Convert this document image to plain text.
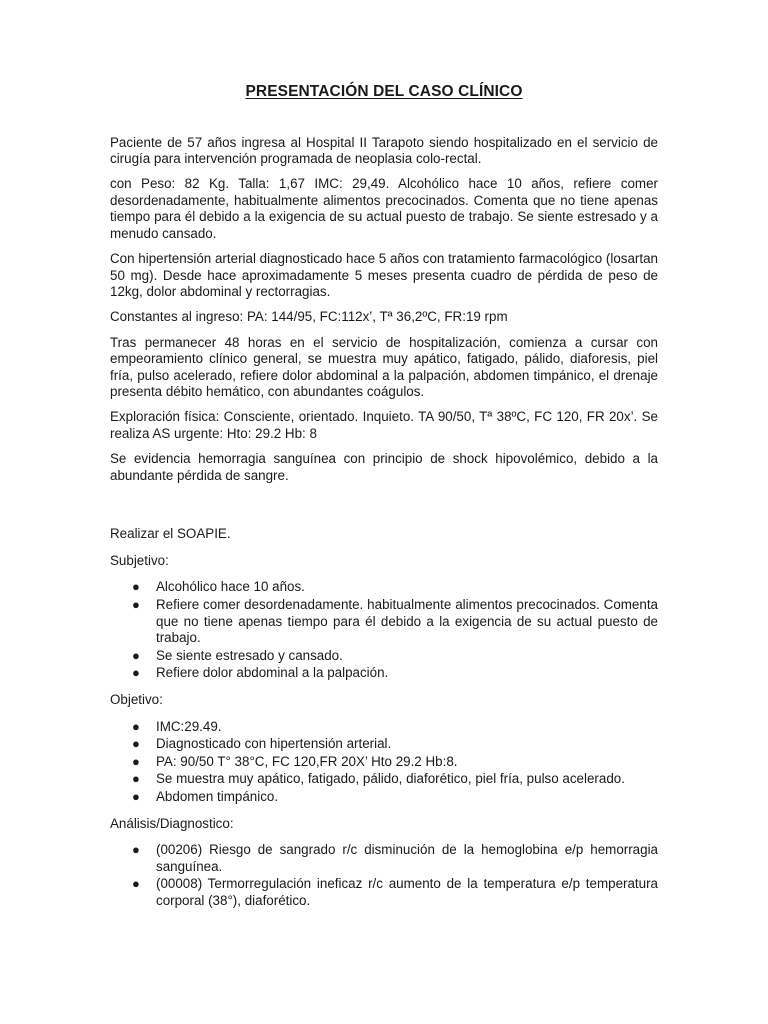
PRESENTACIÓN DEL CASO CLÍNICO

Paciente de 57 años ingresa al Hospital II Tarapoto siendo hospitalizado en el servicio de cirugía para intervención programada de neoplasia colo-rectal.

con Peso: 82 Kg. Talla: 1,67 IMC: 29,49. Alcohólico hace 10 años, refiere comer desordenadamente, habitualmente alimentos precocinados. Comenta que no tiene apenas tiempo para él debido a la exigencia de su actual puesto de trabajo. Se siente estresado y a menudo cansado.

Con hipertensión arterial diagnosticado hace 5 años con tratamiento farmacológico (losartan 50 mg). Desde hace aproximadamente 5 meses presenta cuadro de pérdida de peso de 12kg, dolor abdominal y rectorragias.

Constantes al ingreso: PA: 144/95, FC:112x’, Tª 36,2ºC, FR:19 rpm

Tras permanecer 48 horas en el servicio de hospitalización, comienza a cursar con empeoramiento clínico general, se muestra muy apático, fatigado, pálido, diaforesis, piel fría, pulso acelerado, refiere dolor abdominal a la palpación, abdomen timpánico, el drenaje presenta débito hemático, con abundantes coágulos.

Exploración física: Consciente, orientado. Inquieto. TA 90/50, Tª 38ºC, FC 120, FR 20x’. Se realiza AS urgente: Hto: 29.2 Hb: 8

Se evidencia hemorragia sanguínea con principio de shock hipovolémico, debido a la abundante pérdida de sangre.

Realizar el SOAPIE.

Subjetivo:

● Alcohólico hace 10 años.
● Refiere comer desordenadamente. habitualmente alimentos precocinados. Comenta que no tiene apenas tiempo para él debido a la exigencia de su actual puesto de trabajo.
● Se siente estresado y cansado.
● Refiere dolor abdominal a la palpación.

Objetivo:

● IMC:29.49.
● Diagnosticado con hipertensión arterial.
● PA: 90/50 T° 38°C, FC 120,FR 20X’ Hto 29.2 Hb:8.
● Se muestra muy apático, fatigado, pálido, diaforético, piel fría, pulso acelerado.
● Abdomen timpánico.

Análisis/Diagnostico:

● (00206) Riesgo de sangrado r/c disminución de la hemoglobina e/p hemorragia sanguínea.
● (00008) Termorregulación ineficaz r/c aumento de la temperatura e/p temperatura corporal (38°), diaforético.
